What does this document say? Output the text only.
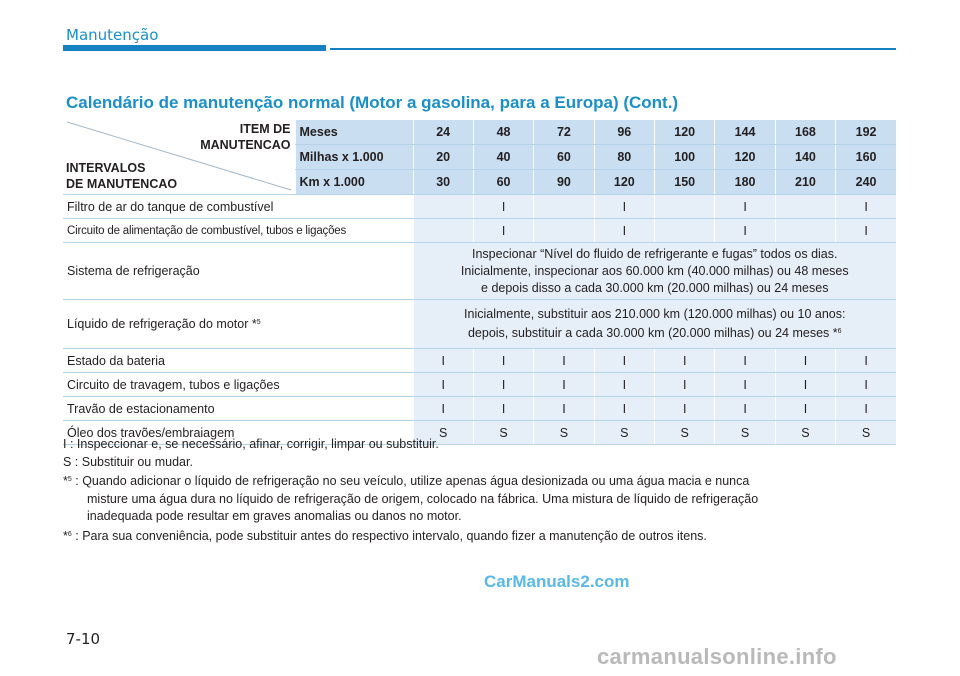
Manutenção
Calendário de manutenção normal (Motor a gasolina, para a Europa) (Cont.)
ITEM DE
MANUTENCAO
INTERVALOS
DE MANUTENCAO	Meses	24	48	72	96	120	144	168	192
	Milhas x 1.000	20	40	60	80	100	120	140	160
	Km x 1.000	30	60	90	120	150	180	210	240
Filtro de ar do tanque de combustível			I		I		I		I
Circuito de alimentação de combustível, tubos e ligações			I		I		I		I
Sistema de refrigeração		Inspecionar “Nível do fluido de refrigerante e fugas” todos os dias.
Inicialmente, inspecionar aos 60.000 km (40.000 milhas) ou 48 meses
e depois disso a cada 30.000 km (20.000 milhas) ou 24 meses							

Líquido de refrigeração do motor *$^5$		Inicialmente, substituir aos 210.000 km (120.000 milhas) ou 10 anos:
depois, substituir a cada 30.000 km (20.000 milhas) ou 24 meses *$^6$

Estado da bateria		I	I	I	I	I	I	I	I
Circuito de travagem, tubos e ligações		I	I	I	I	I	I	I	I
Travão de estacionamento		I	I	I	I	I	I	I	I
Óleo dos travões/embraiagem		S	S	S	S	S	S	S	S
I : Inspeccionar e, se necessário, afinar, corrigir, limpar ou substituir.
S : Substituir ou mudar.
*$^5$ : Quando adicionar o líquido de refrigeração no seu veículo, utilize apenas água desionizada ou uma água macia e nunca
misture uma água dura no líquido de refrigeração de origem, colocado na fábrica. Uma mistura de líquido de refrigeração
inadequada pode resultar em graves anomalias ou danos no motor.
*$^6$ : Para sua conveniência, pode substituir antes do respectivo intervalo, quando fizer a manutenção de outros itens.
CarManuals2.com
7-10
carmanualsonline.info
